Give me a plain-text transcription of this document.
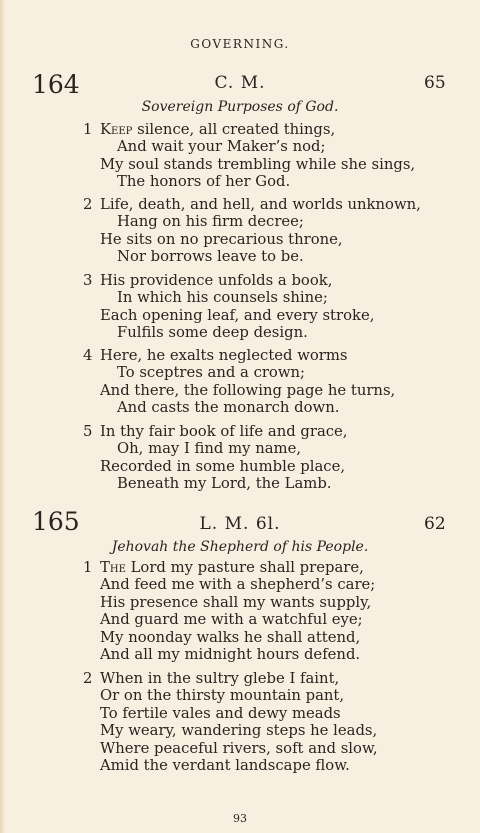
GOVERNING.
164	C. M.	65
Sovereign Purposes of God.
1 Keep silence, all created things,
And wait your Maker’s nod;
My soul stands trembling while she sings,
The honors of her God.
2 Life, death, and hell, and worlds unknown,
Hang on his firm decree;
He sits on no precarious throne,
Nor borrows leave to be.
3 His providence unfolds a book,
In which his counsels shine;
Each opening leaf, and every stroke,
Fulfils some deep design.
4 Here, he exalts neglected worms
To sceptres and a crown;
And there, the following page he turns,
And casts the monarch down.
5 In thy fair book of life and grace,
Oh, may I find my name,
Recorded in some humble place,
Beneath my Lord, the Lamb.
165	L. M. 6l.	62
Jehovah the Shepherd of his People.
1 The Lord my pasture shall prepare,
And feed me with a shepherd’s care;
His presence shall my wants supply,
And guard me with a watchful eye;
My noonday walks he shall attend,
And all my midnight hours defend.
2 When in the sultry glebe I faint,
Or on the thirsty mountain pant,
To fertile vales and dewy meads
My weary, wandering steps he leads,
Where peaceful rivers, soft and slow,
Amid the verdant landscape flow.
93
